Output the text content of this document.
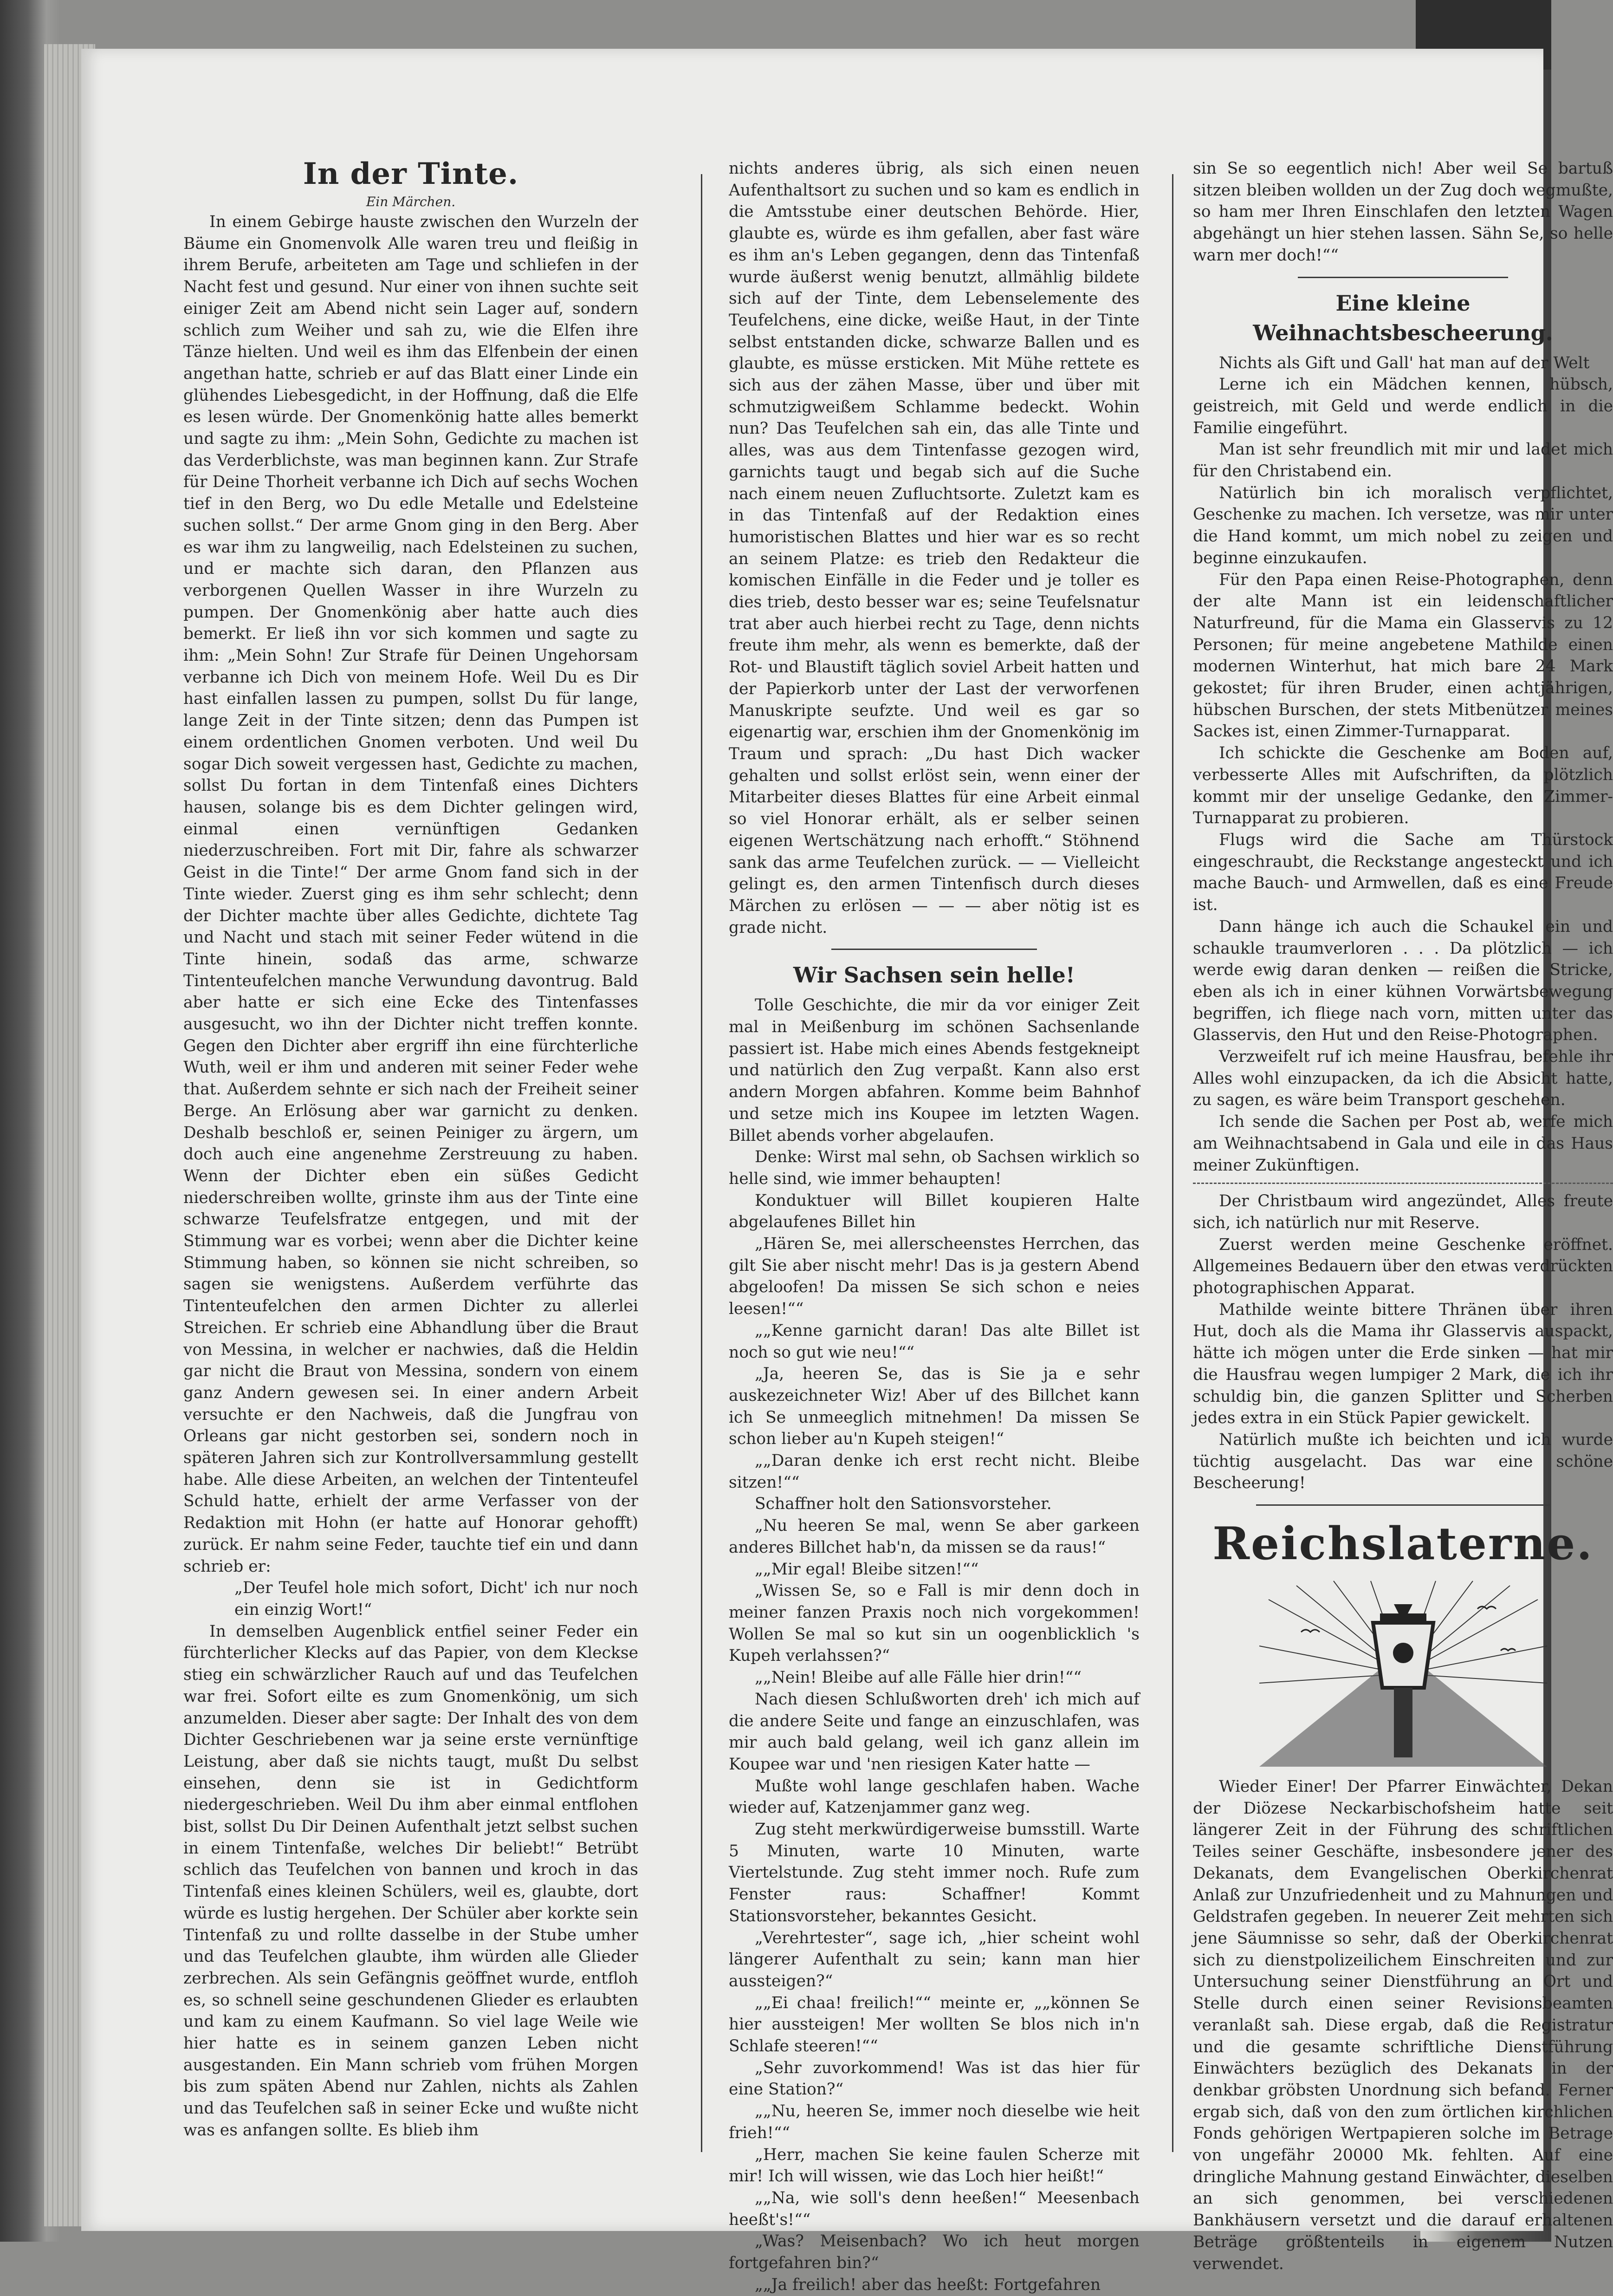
In der Tinte.
Ein Märchen.

In einem Gebirge hauste zwischen den Wurzeln der Bäume ein Gnomenvolk Alle waren treu und fleißig in ihrem Berufe, arbeiteten am Tage und schliefen in der Nacht fest und gesund. Nur einer von ihnen suchte seit einiger Zeit am Abend nicht sein Lager auf, sondern schlich zum Weiher und sah zu, wie die Elfen ihre Tänze hielten. Und weil es ihm das Elfenbein der einen angethan hatte, schrieb er auf das Blatt einer Linde ein glühendes Liebesgedicht, in der Hoffnung, daß die Elfe es lesen würde. Der Gnomenkönig hatte alles bemerkt und sagte zu ihm: „Mein Sohn, Gedichte zu machen ist das Verderblichste, was man beginnen kann. Zur Strafe für Deine Thorheit verbanne ich Dich auf sechs Wochen tief in den Berg, wo Du edle Metalle und Edelsteine suchen sollst.“ Der arme Gnom ging in den Berg. Aber es war ihm zu langweilig, nach Edelsteinen zu suchen, und er machte sich daran, den Pflanzen aus verborgenen Quellen Wasser in ihre Wurzeln zu pumpen. Der Gnomenkönig aber hatte auch dies bemerkt. Er ließ ihn vor sich kommen und sagte zu ihm: „Mein Sohn! Zur Strafe für Deinen Ungehorsam verbanne ich Dich von meinem Hofe. Weil Du es Dir hast einfallen lassen zu pumpen, sollst Du für lange, lange Zeit in der Tinte sitzen; denn das Pumpen ist einem ordentlichen Gnomen verboten. Und weil Du sogar Dich soweit vergessen hast, Gedichte zu machen, sollst Du fortan in dem Tintenfaß eines Dichters hausen, solange bis es dem Dichter gelingen wird, einmal einen vernünftigen Gedanken niederzuschreiben. Fort mit Dir, fahre als schwarzer Geist in die Tinte!“ Der arme Gnom fand sich in der Tinte wieder. Zuerst ging es ihm sehr schlecht; denn der Dichter machte über alles Gedichte, dichtete Tag und Nacht und stach mit seiner Feder wütend in die Tinte hinein, sodaß das arme, schwarze Tintenteufelchen manche Verwundung davontrug. Bald aber hatte er sich eine Ecke des Tintenfasses ausgesucht, wo ihn der Dichter nicht treffen konnte. Gegen den Dichter aber ergriff ihn eine fürchterliche Wuth, weil er ihm und anderen mit seiner Feder wehe that. Außerdem sehnte er sich nach der Freiheit seiner Berge. An Erlösung aber war garnicht zu denken. Deshalb beschloß er, seinen Peiniger zu ärgern, um doch auch eine angenehme Zerstreuung zu haben. Wenn der Dichter eben ein süßes Gedicht niederschreiben wollte, grinste ihm aus der Tinte eine schwarze Teufelsfratze entgegen, und mit der Stimmung war es vorbei; wenn aber die Dichter keine Stimmung haben, so können sie nicht schreiben, so sagen sie wenigstens. Außerdem verführte das Tintenteufelchen den armen Dichter zu allerlei Streichen. Er schrieb eine Abhandlung über die Braut von Messina, in welcher er nachwies, daß die Heldin gar nicht die Braut von Messina, sondern von einem ganz Andern gewesen sei. In einer andern Arbeit versuchte er den Nachweis, daß die Jungfrau von Orleans gar nicht gestorben sei, sondern noch in späteren Jahren sich zur Kontrollversammlung gestellt habe. Alle diese Arbeiten, an welchen der Tintenteufel Schuld hatte, erhielt der arme Verfasser von der Redaktion mit Hohn (er hatte auf Honorar gehofft) zurück. Er nahm seine Feder, tauchte tief ein und dann schrieb er:

„Der Teufel hole mich sofort, Dicht' ich nur noch ein einzig Wort!“

In demselben Augenblick entfiel seiner Feder ein fürchterlicher Klecks auf das Papier, von dem Kleckse stieg ein schwärzlicher Rauch auf und das Teufelchen war frei. Sofort eilte es zum Gnomenkönig, um sich anzumelden. Dieser aber sagte: Der Inhalt des von dem Dichter Geschriebenen war ja seine erste vernünftige Leistung, aber daß sie nichts taugt, mußt Du selbst einsehen, denn sie ist in Gedichtform niedergeschrieben. Weil Du ihm aber einmal entflohen bist, sollst Du Dir Deinen Aufenthalt jetzt selbst suchen in einem Tintenfaße, welches Dir beliebt!“ Betrübt schlich das Teufelchen von bannen und kroch in das Tintenfaß eines kleinen Schülers, weil es, glaubte, dort würde es lustig hergehen. Der Schüler aber korkte sein Tintenfaß zu und rollte dasselbe in der Stube umher und das Teufelchen glaubte, ihm würden alle Glieder zerbrechen. Als sein Gefängnis geöffnet wurde, entfloh es, so schnell seine geschundenen Glieder es erlaubten und kam zu einem Kaufmann. So viel lage Weile wie hier hatte es in seinem ganzen Leben nicht ausgestanden. Ein Mann schrieb vom frühen Morgen bis zum späten Abend nur Zahlen, nichts als Zahlen und das Teufelchen saß in seiner Ecke und wußte nicht was es anfangen sollte. Es blieb ihm

nichts anderes übrig, als sich einen neuen Aufenthaltsort zu suchen und so kam es endlich in die Amtsstube einer deutschen Behörde. Hier, glaubte es, würde es ihm gefallen, aber fast wäre es ihm an's Leben gegangen, denn das Tintenfaß wurde äußerst wenig benutzt, allmählig bildete sich auf der Tinte, dem Lebenselemente des Teufelchens, eine dicke, weiße Haut, in der Tinte selbst entstanden dicke, schwarze Ballen und es glaubte, es müsse ersticken. Mit Mühe rettete es sich aus der zähen Masse, über und über mit schmutzigweißem Schlamme bedeckt. Wohin nun? Das Teufelchen sah ein, das alle Tinte und alles, was aus dem Tintenfasse gezogen wird, garnichts taugt und begab sich auf die Suche nach einem neuen Zufluchtsorte. Zuletzt kam es in das Tintenfaß auf der Redaktion eines humoristischen Blattes und hier war es so recht an seinem Platze: es trieb den Redakteur die komischen Einfälle in die Feder und je toller es dies trieb, desto besser war es; seine Teufelsnatur trat aber auch hierbei recht zu Tage, denn nichts freute ihm mehr, als wenn es bemerkte, daß der Rot- und Blaustift täglich soviel Arbeit hatten und der Papierkorb unter der Last der verworfenen Manuskripte seufzte. Und weil es gar so eigenartig war, erschien ihm der Gnomenkönig im Traum und sprach: „Du hast Dich wacker gehalten und sollst erlöst sein, wenn einer der Mitarbeiter dieses Blattes für eine Arbeit einmal so viel Honorar erhält, als er selber seinen eigenen Wertschätzung nach erhofft.“ Stöhnend sank das arme Teufelchen zurück. — — Vielleicht gelingt es, den armen Tintenfisch durch dieses Märchen zu erlösen — — — aber nötig ist es grade nicht.

Wir Sachsen sein helle!

Tolle Geschichte, die mir da vor einiger Zeit mal in Meißenburg im schönen Sachsenlande passiert ist. Habe mich eines Abends festgekneipt und natürlich den Zug verpaßt. Kann also erst andern Morgen abfahren. Komme beim Bahnhof und setze mich ins Koupee im letzten Wagen. Billet abends vorher abgelaufen.

Denke: Wirst mal sehn, ob Sachsen wirklich so helle sind, wie immer behaupten!

Konduktuer will Billet koupieren Halte abgelaufenes Billet hin

„Hären Se, mei allerscheenstes Herrchen, das gilt Sie aber nischt mehr! Das is ja gestern Abend abgeloofen! Da missen Se sich schon e neies leesen!““

„„Kenne garnicht daran! Das alte Billet ist noch so gut wie neu!““

„Ja, heeren Se, das is Sie ja e sehr auskezeichneter Wiz! Aber uf des Billchet kann ich Se unmeeglich mitnehmen! Da missen Se schon lieber au'n Kupeh steigen!“

„„Daran denke ich erst recht nicht. Bleibe sitzen!““

Schaffner holt den Sationsvorsteher.

„Nu heeren Se mal, wenn Se aber garkeen anderes Billchet hab'n, da missen se da raus!“

„„Mir egal! Bleibe sitzen!““

„Wissen Se, so e Fall is mir denn doch in meiner fanzen Praxis noch nich vorgekommen! Wollen Se mal so kut sin un oogenblicklich 's Kupeh verlahssen?“

„„Nein! Bleibe auf alle Fälle hier drin!““

Nach diesen Schlußworten dreh' ich mich auf die andere Seite und fange an einzuschlafen, was mir auch bald gelang, weil ich ganz allein im Koupee war und 'nen riesigen Kater hatte —

Mußte wohl lange geschlafen haben. Wache wieder auf, Katzenjammer ganz weg.

Zug steht merkwürdigerweise bumsstill. Warte 5 Minuten, warte 10 Minuten, warte Viertelstunde. Zug steht immer noch. Rufe zum Fenster raus: Schaffner! Kommt Stationsvorsteher, bekanntes Gesicht.

„Verehrtester“, sage ich, „hier scheint wohl längerer Aufenthalt zu sein; kann man hier aussteigen?“

„„Ei chaa! freilich!““ meinte er, „„können Se hier aussteigen! Mer wollten Se blos nich in'n Schlafe steeren!““

„Sehr zuvorkommend! Was ist das hier für eine Station?“

„„Nu, heeren Se, immer noch dieselbe wie heit frieh!““

„Herr, machen Sie keine faulen Scherze mit mir! Ich will wissen, wie das Loch hier heißt!“

„„Na, wie soll's denn heeßen!“ Meesenbach heeßt's!““

„Was? Meisenbach? Wo ich heut morgen fortgefahren bin?“

„„Ja freilich! aber das heeßt: Fortgefahren

sin Se so eegentlich nich! Aber weil Se bartuß sitzen bleiben wollden un der Zug doch wegmußte, so ham mer Ihren Einschlafen den letzten Wagen abgehängt un hier stehen lassen. Sähn Se, so helle warn mer doch!““

Eine kleine Weihnachtsbescheerung.

Nichts als Gift und Gall' hat man auf der Welt

Lerne ich ein Mädchen kennen, hübsch, geistreich, mit Geld und werde endlich in die Familie eingeführt.

Man ist sehr freundlich mit mir und ladet mich für den Christabend ein.

Natürlich bin ich moralisch verpflichtet, Geschenke zu machen. Ich versetze, was mir unter die Hand kommt, um mich nobel zu zeigen und beginne einzukaufen.

Für den Papa einen Reise-Photographen, denn der alte Mann ist ein leidenschaftlicher Naturfreund, für die Mama ein Glasservis zu 12 Personen; für meine angebetene Mathilde einen modernen Winterhut, hat mich bare 24 Mark gekostet; für ihren Bruder, einen achtjährigen, hübschen Burschen, der stets Mitbenützer meines Sackes ist, einen Zimmer-Turnapparat.

Ich schickte die Geschenke am Boden auf, verbesserte Alles mit Aufschriften, da plötzlich kommt mir der unselige Gedanke, den Zimmer-Turnapparat zu probieren.

Flugs wird die Sache am Thürstock eingeschraubt, die Reckstange angesteckt und ich mache Bauch- und Armwellen, daß es eine Freude ist.

Dann hänge ich auch die Schaukel ein und schaukle traumverloren . . . Da plötzlich — ich werde ewig daran denken — reißen die Stricke, eben als ich in einer kühnen Vorwärtsbewegung begriffen, ich fliege nach vorn, mitten unter das Glasservis, den Hut und den Reise-Photographen.

Verzweifelt ruf ich meine Hausfrau, befehle ihr Alles wohl einzupacken, da ich die Absicht hatte, zu sagen, es wäre beim Transport geschehen.

Ich sende die Sachen per Post ab, werfe mich am Weihnachtsabend in Gala und eile in das Haus meiner Zukünftigen.

Der Christbaum wird angezündet, Alles freute sich, ich natürlich nur mit Reserve.

Zuerst werden meine Geschenke eröffnet. Allgemeines Bedauern über den etwas verdrückten photographischen Apparat.

Mathilde weinte bittere Thränen über ihren Hut, doch als die Mama ihr Glasservis auspackt, hätte ich mögen unter die Erde sinken — hat mir die Hausfrau wegen lumpiger 2 Mark, die ich ihr schuldig bin, die ganzen Splitter und Scherben jedes extra in ein Stück Papier gewickelt.

Natürlich mußte ich beichten und ich wurde tüchtig ausgelacht. Das war eine schöne Bescheerung!

Reichslaterne.

Wieder Einer! Der Pfarrer Einwächter, Dekan der Diözese Neckarbischofsheim hatte seit längerer Zeit in der Führung des schriftlichen Teiles seiner Geschäfte, insbesondere jener des Dekanats, dem Evangelischen Oberkirchenrat Anlaß zur Unzufriedenheit und zu Mahnungen und Geldstrafen gegeben. In neuerer Zeit mehrten sich jene Säumnisse so sehr, daß der Oberkirchenrat sich zu dienstpolizeilichem Einschreiten und zur Untersuchung seiner Dienstführung an Ort und Stelle durch einen seiner Revisionsbeamten veranlaßt sah. Diese ergab, daß die Registratur und die gesamte schriftliche Dienstführung Einwächters bezüglich des Dekanats in der denkbar gröbsten Unordnung sich befand. Ferner ergab sich, daß von den zum örtlichen kirchlichen Fonds gehörigen Wertpapieren solche im Betrage von ungefähr 20000 Mk. fehlten. Auf eine dringliche Mahnung gestand Einwächter, dieselben an sich genommen, bei verschiedenen Bankhäusern versetzt und die darauf erhaltenen Beträge größtenteils in eigenem Nutzen verwendet.
